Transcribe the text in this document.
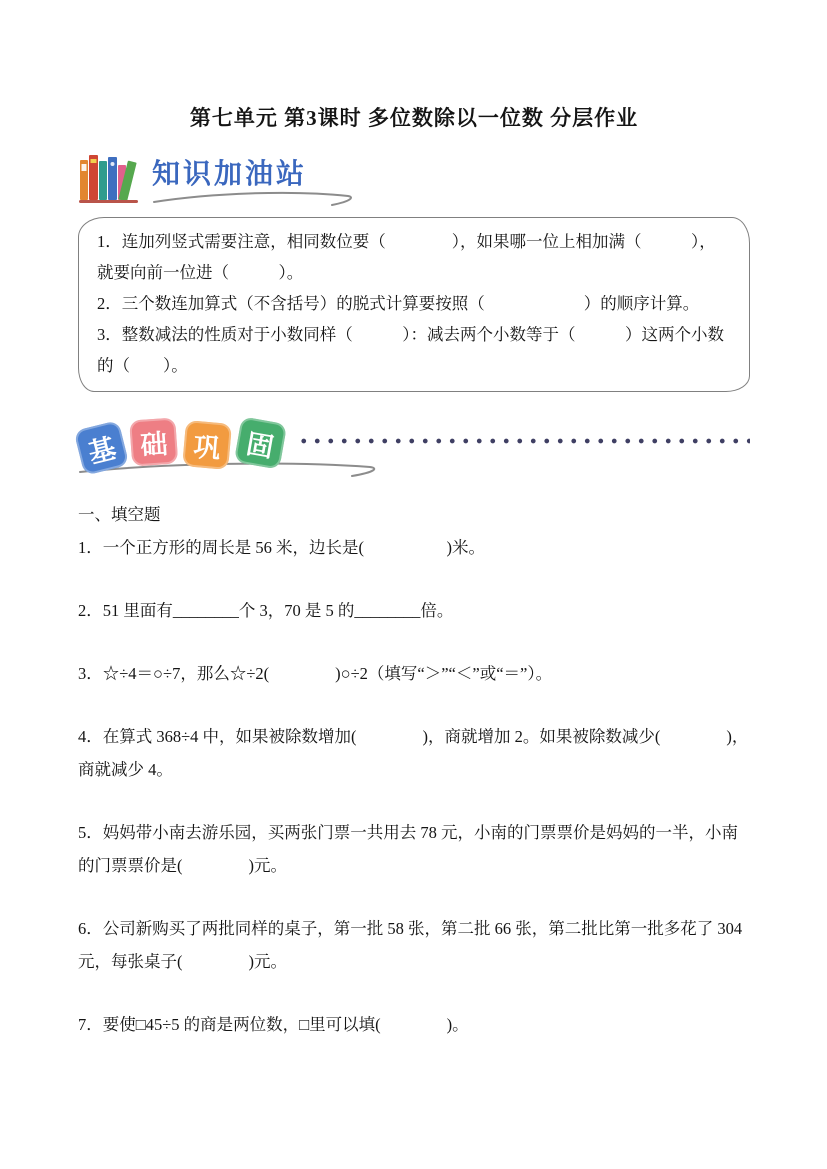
第七单元 第3课时 多位数除以一位数 分层作业
知识加油站

1．连加列竖式需要注意，相同数位要（　　　　），如果哪一位上相加满（　　　），就要向前一位进（　　　）。

2．三个数连加算式（不含括号）的脱式计算要按照（　　　　　　）的顺序计算。

3．整数减法的性质对于小数同样（　　　）：减去两个小数等于（　　　）这两个小数的（　　）。

基 础 巩 固
一、填空题

1．一个正方形的周长是 56 米，边长是(　　　　　)米。

2．51 里面有________个 3，70 是 5 的________倍。

3．☆÷4＝○÷7，那么☆÷2(　　　　)○÷2（填写“＞”“＜”或“＝”）。

4．在算式 368÷4 中，如果被除数增加(　　　　)，商就增加 2。如果被除数减少(　　　　)，商就减少 4。

5．妈妈带小南去游乐园，买两张门票一共用去 78 元，小南的门票票价是妈妈的一半，小南的门票票价是(　　　　)元。

6．公司新购买了两批同样的桌子，第一批 58 张，第二批 66 张，第二批比第一批多花了 304 元，每张桌子(　　　　)元。

7．要使□45÷5 的商是两位数，□里可以填(　　　　)。
